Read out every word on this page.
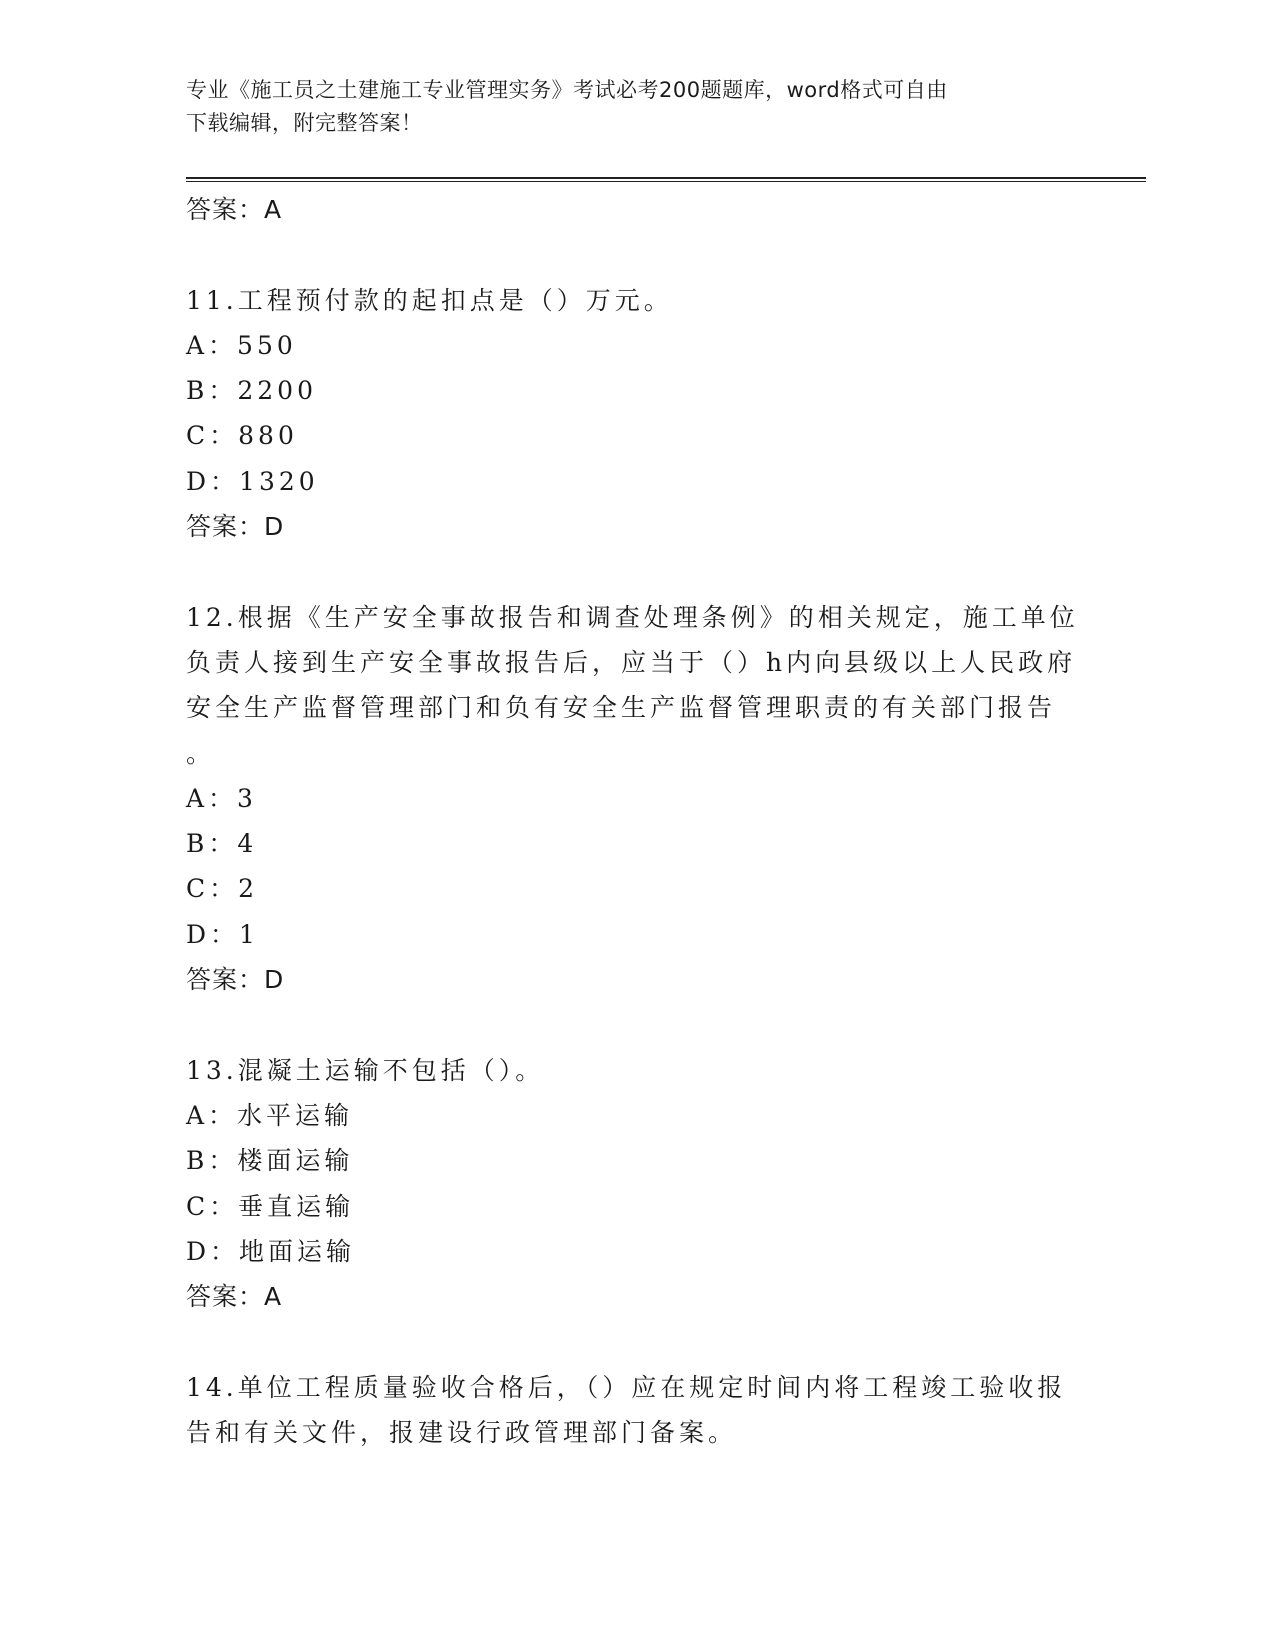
专业《施工员之土建施工专业管理实务》考试必考200题题库，word格式可自由
下载编辑，附完整答案！
答案：A
11.工程预付款的起扣点是（）万元。
A：550
B：2200
C：880
D：1320
答案：D
12.根据《生产安全事故报告和调查处理条例》的相关规定，施工单位
负责人接到生产安全事故报告后，应当于（）h内向县级以上人民政府
安全生产监督管理部门和负有安全生产监督管理职责的有关部门报告
。
A：3
B：4
C：2
D：1
答案：D
13.混凝土运输不包括（）。
A：水平运输
B：楼面运输
C：垂直运输
D：地面运输
答案：A
14.单位工程质量验收合格后，（）应在规定时间内将工程竣工验收报
告和有关文件，报建设行政管理部门备案。
